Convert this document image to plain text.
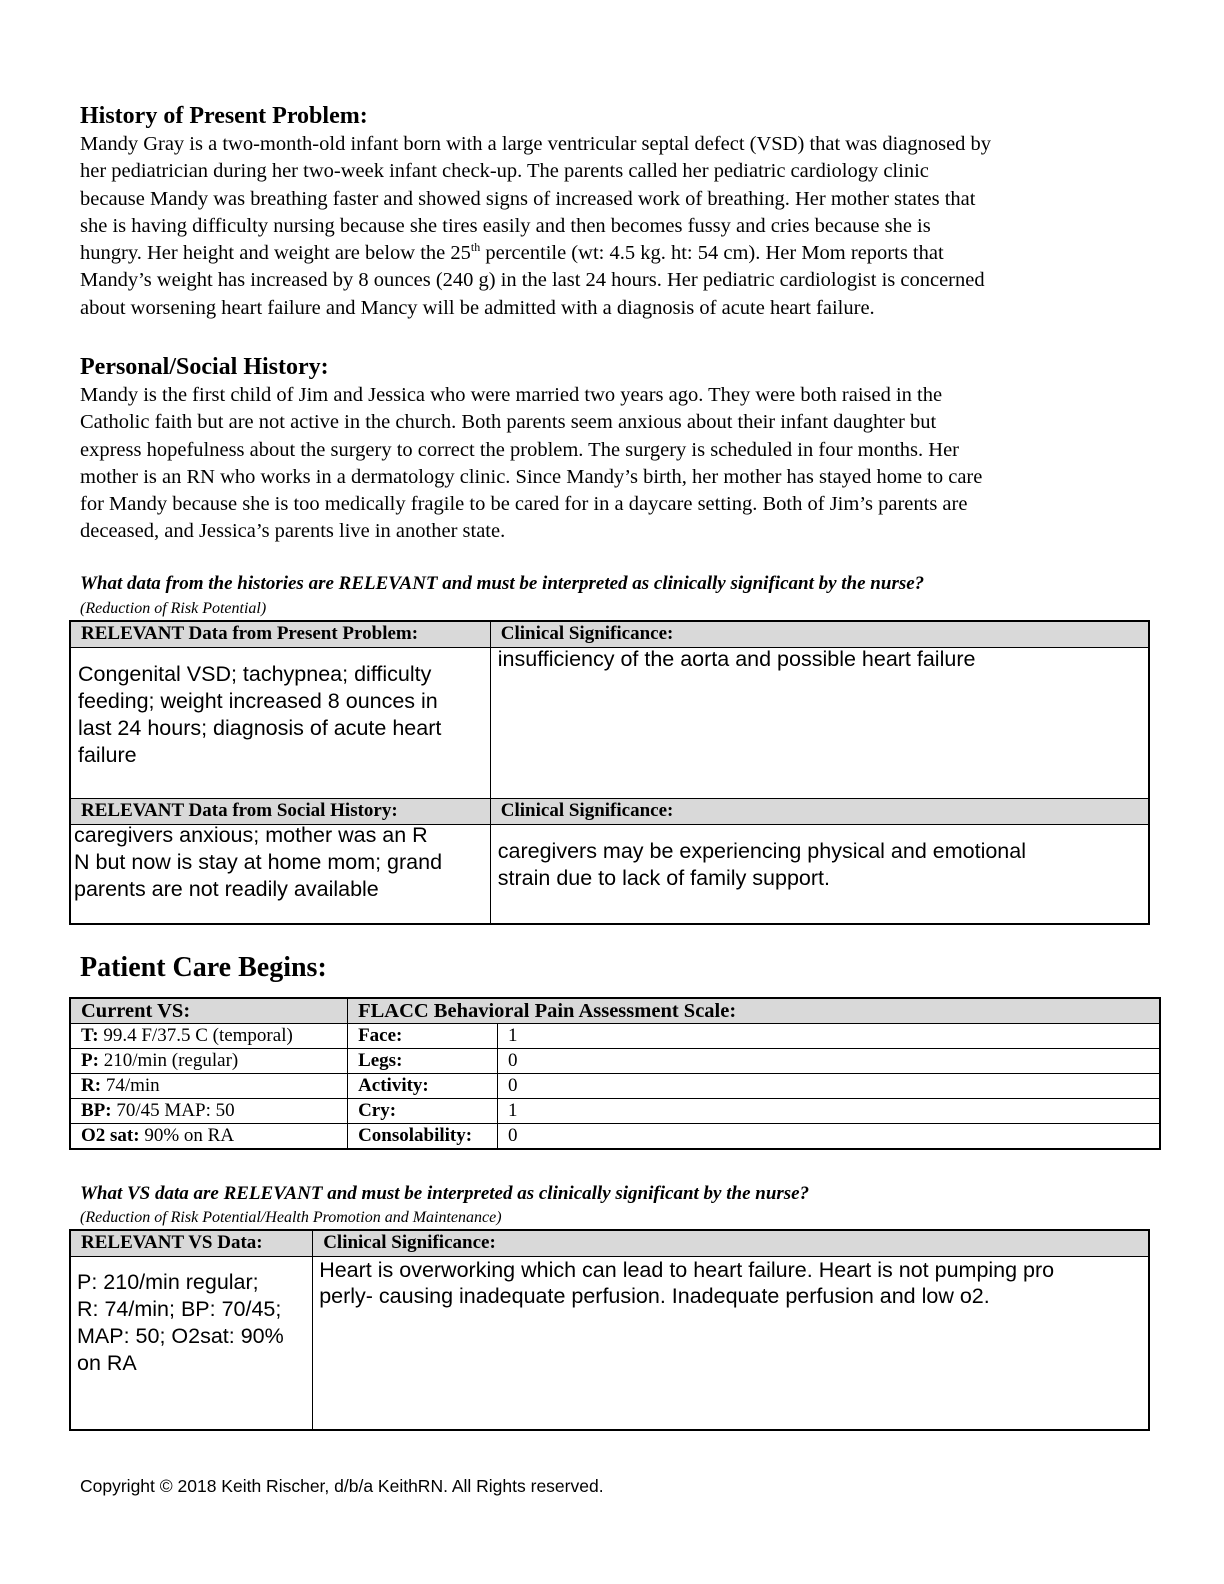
History of Present Problem:
Mandy Gray is a two-month-old infant born with a large ventricular septal defect (VSD) that was diagnosed by
her pediatrician during her two-week infant check-up. The parents called her pediatric cardiology clinic
because Mandy was breathing faster and showed signs of increased work of breathing. Her mother states that
she is having difficulty nursing because she tires easily and then becomes fussy and cries because she is
hungry. Her height and weight are below the 25th percentile (wt: 4.5 kg. ht: 54 cm). Her Mom reports that
Mandy’s weight has increased by 8 ounces (240 g) in the last 24 hours. Her pediatric cardiologist is concerned
about worsening heart failure and Mancy will be admitted with a diagnosis of acute heart failure.
Personal/Social History:
Mandy is the first child of Jim and Jessica who were married two years ago. They were both raised in the
Catholic faith but are not active in the church. Both parents seem anxious about their infant daughter but
express hopefulness about the surgery to correct the problem. The surgery is scheduled in four months. Her
mother is an RN who works in a dermatology clinic. Since Mandy’s birth, her mother has stayed home to care
for Mandy because she is too medically fragile to be cared for in a daycare setting. Both of Jim’s parents are
deceased, and Jessica’s parents live in another state.
What data from the histories are RELEVANT and must be interpreted as clinically significant by the nurse?
(Reduction of Risk Potential)
RELEVANT Data from Present Problem:	Clinical Significance:

Congenital VSD; tachypnea; difficulty
feeding; weight increased 8 ounces in
last 24 hours; diagnosis of acute heart
failure	insufficiency of the aorta and possible heart failure

RELEVANT Data from Social History:	Clinical Significance:

caregivers anxious; mother was an R
N but now is stay at home mom; grand
parents are not readily available	caregivers may be experiencing physical and emotional
strain due to lack of family support.
Patient Care Begins:
Current VS:	FLACC Behavioral Pain Assessment Scale:	
T: 99.4 F/37.5 C (temporal)	Face:	1
P: 210/min (regular)	Legs:	0
R: 74/min	Activity:	0
BP: 70/45 MAP: 50	Cry:	1
O2 sat: 90% on RA	Consolability:	0
What VS data are RELEVANT and must be interpreted as clinically significant by the nurse?
(Reduction of Risk Potential/Health Promotion and Maintenance)
RELEVANT VS Data:	Clinical Significance:

P: 210/min regular;
R: 74/min; BP: 70/45;
MAP: 50; O2sat: 90%
on RA	Heart is overworking which can lead to heart failure. Heart is not pumping pro
perly- causing inadequate perfusion. Inadequate perfusion and low o2.
Copyright © 2018 Keith Rischer, d/b/a KeithRN. All Rights reserved.
